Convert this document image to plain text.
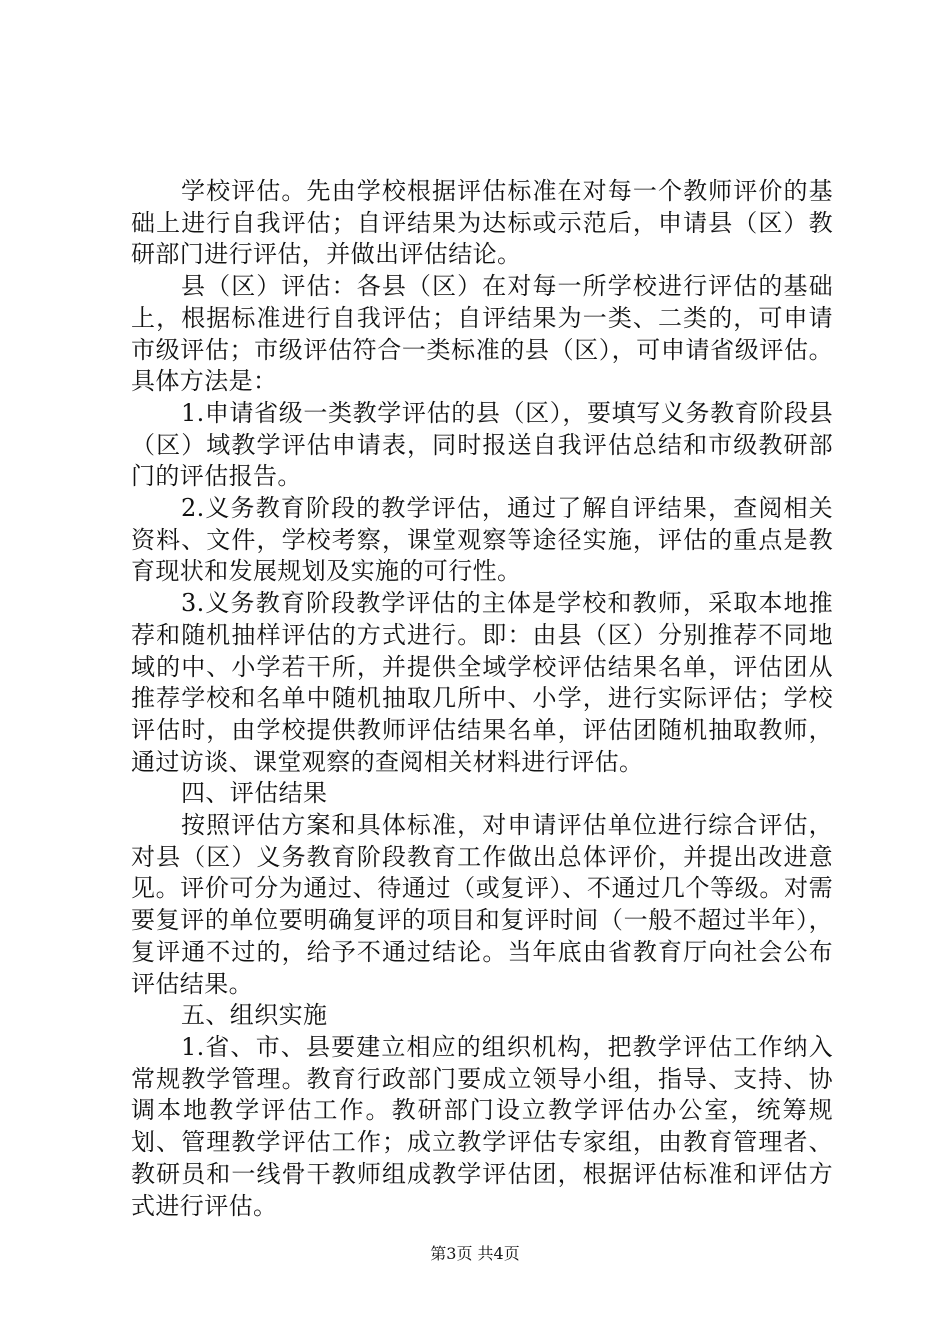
学校评估。先由学校根据评估标准在对每一个教师评价的基础上进行自我评估；自评结果为达标或示范后，申请县（区）教研部门进行评估，并做出评估结论。

县（区）评估：各县（区）在对每一所学校进行评估的基础上，根据标准进行自我评估；自评结果为一类、二类的，可申请市级评估；市级评估符合一类标准的县（区），可申请省级评估。具体方法是：

1.申请省级一类教学评估的县（区），要填写义务教育阶段县（区）域教学评估申请表，同时报送自我评估总结和市级教研部门的评估报告。

2.义务教育阶段的教学评估，通过了解自评结果，查阅相关资料、文件，学校考察，课堂观察等途径实施，评估的重点是教育现状和发展规划及实施的可行性。

3.义务教育阶段教学评估的主体是学校和教师，采取本地推荐和随机抽样评估的方式进行。即：由县（区）分别推荐不同地域的中、小学若干所，并提供全域学校评估结果名单，评估团从推荐学校和名单中随机抽取几所中、小学，进行实际评估；学校评估时，由学校提供教师评估结果名单，评估团随机抽取教师，通过访谈、课堂观察的查阅相关材料进行评估。

四、评估结果

按照评估方案和具体标准，对申请评估单位进行综合评估，对县（区）义务教育阶段教育工作做出总体评价，并提出改进意见。评价可分为通过、待通过（或复评）、不通过几个等级。对需要复评的单位要明确复评的项目和复评时间（一般不超过半年），复评通不过的，给予不通过结论。当年底由省教育厅向社会公布评估结果。

五、组织实施

1.省、市、县要建立相应的组织机构，把教学评估工作纳入常规教学管理。教育行政部门要成立领导小组，指导、支持、协调本地教学评估工作。教研部门设立教学评估办公室，统筹规划、管理教学评估工作；成立教学评估专家组，由教育管理者、教研员和一线骨干教师组成教学评估团，根据评估标准和评估方式进行评估。

第3页 共4页
